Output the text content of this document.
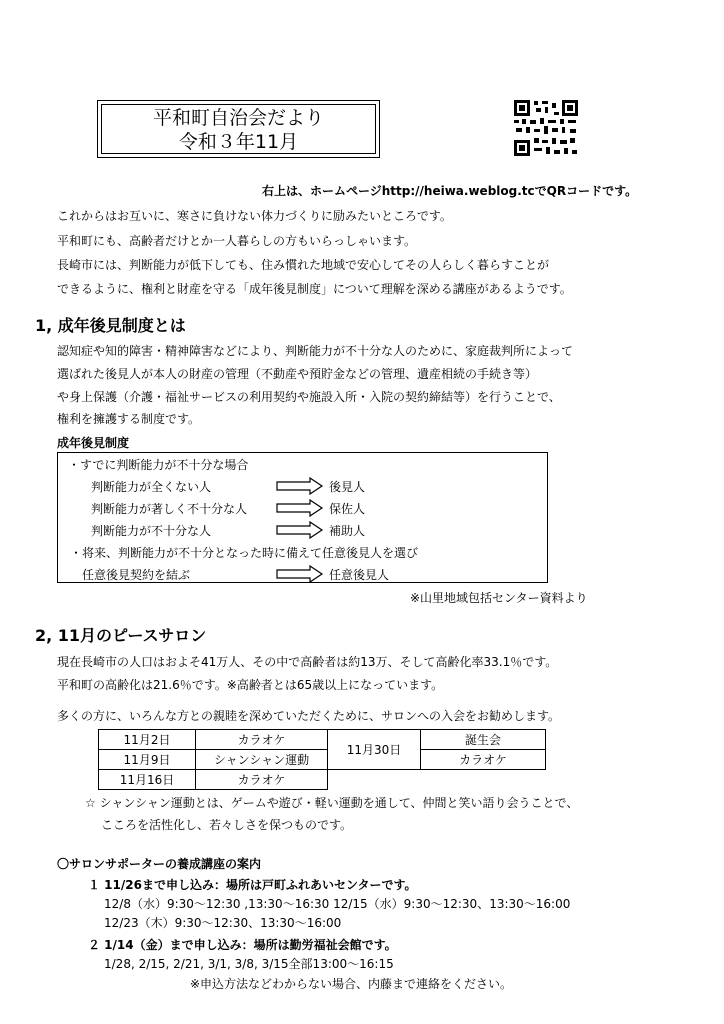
平和町自治会だより
令和３年11月
右上は、ホームページhttp://heiwa.weblog.tcでQRコードです。
これからはお互いに、寒さに負けない体力づくりに励みたいところです。
平和町にも、高齢者だけとか一人暮らしの方もいらっしゃいます。
長崎市には、判断能力が低下しても、住み慣れた地域で安心してその人らしく暮らすことが
できるように、権利と財産を守る「成年後見制度」について理解を深める講座があるようです。
1, 成年後見制度とは
認知症や知的障害・精神障害などにより、判断能力が不十分な人のために、家庭裁判所によって
選ばれた後見人が本人の財産の管理（不動産や預貯金などの管理、遺産相続の手続き等）
や身上保護（介護・福祉サービスの利用契約や施設入所・入院の契約締結等）を行うことで、
権利を擁護する制度です。
成年後見制度
・すでに判断能力が不十分な場合
判断能力が全くない人	後見人
判断能力が著しく不十分な人	保佐人
判断能力が不十分な人	補助人
・将来、判断能力が不十分となった時に備えて任意後見人を選び
任意後見契約を結ぶ	任意後見人
※山里地域包括センター資料より
2, 11月のピースサロン
現在長崎市の人口はおよそ41万人、その中で高齢者は約13万、そして高齢化率33.1％です。
平和町の高齢化は21.6％です。※高齢者とは65歳以上になっています。
多くの方に、いろんな方との親睦を深めていただくために、サロンへの入会をお勧めします。
11月2日	カラオケ	11月30日	誕生会
11月9日	シャンシャン運動		カラオケ
11月16日	カラオケ		
☆ シャンシャン運動とは、ゲームや遊び・軽い運動を通して、仲間と笑い語り会うことで、
こころを活性化し、若々しさを保つものです。
〇サロンサポーターの養成講座の案内
１ 11/26まで申し込み：場所は戸町ふれあいセンターです。
12/8（水）9:30～12:30 ,13:30～16:30 12/15（水）9:30～12:30、13:30～16:00
12/23（木）9:30～12:30、13:30～16:00
２ 1/14（金）まで申し込み：場所は勤労福祉会館です。
1/28, 2/15, 2/21, 3/1, 3/8, 3/15全部13:00～16:15
※申込方法などわからない場合、内藤まで連絡をください。
